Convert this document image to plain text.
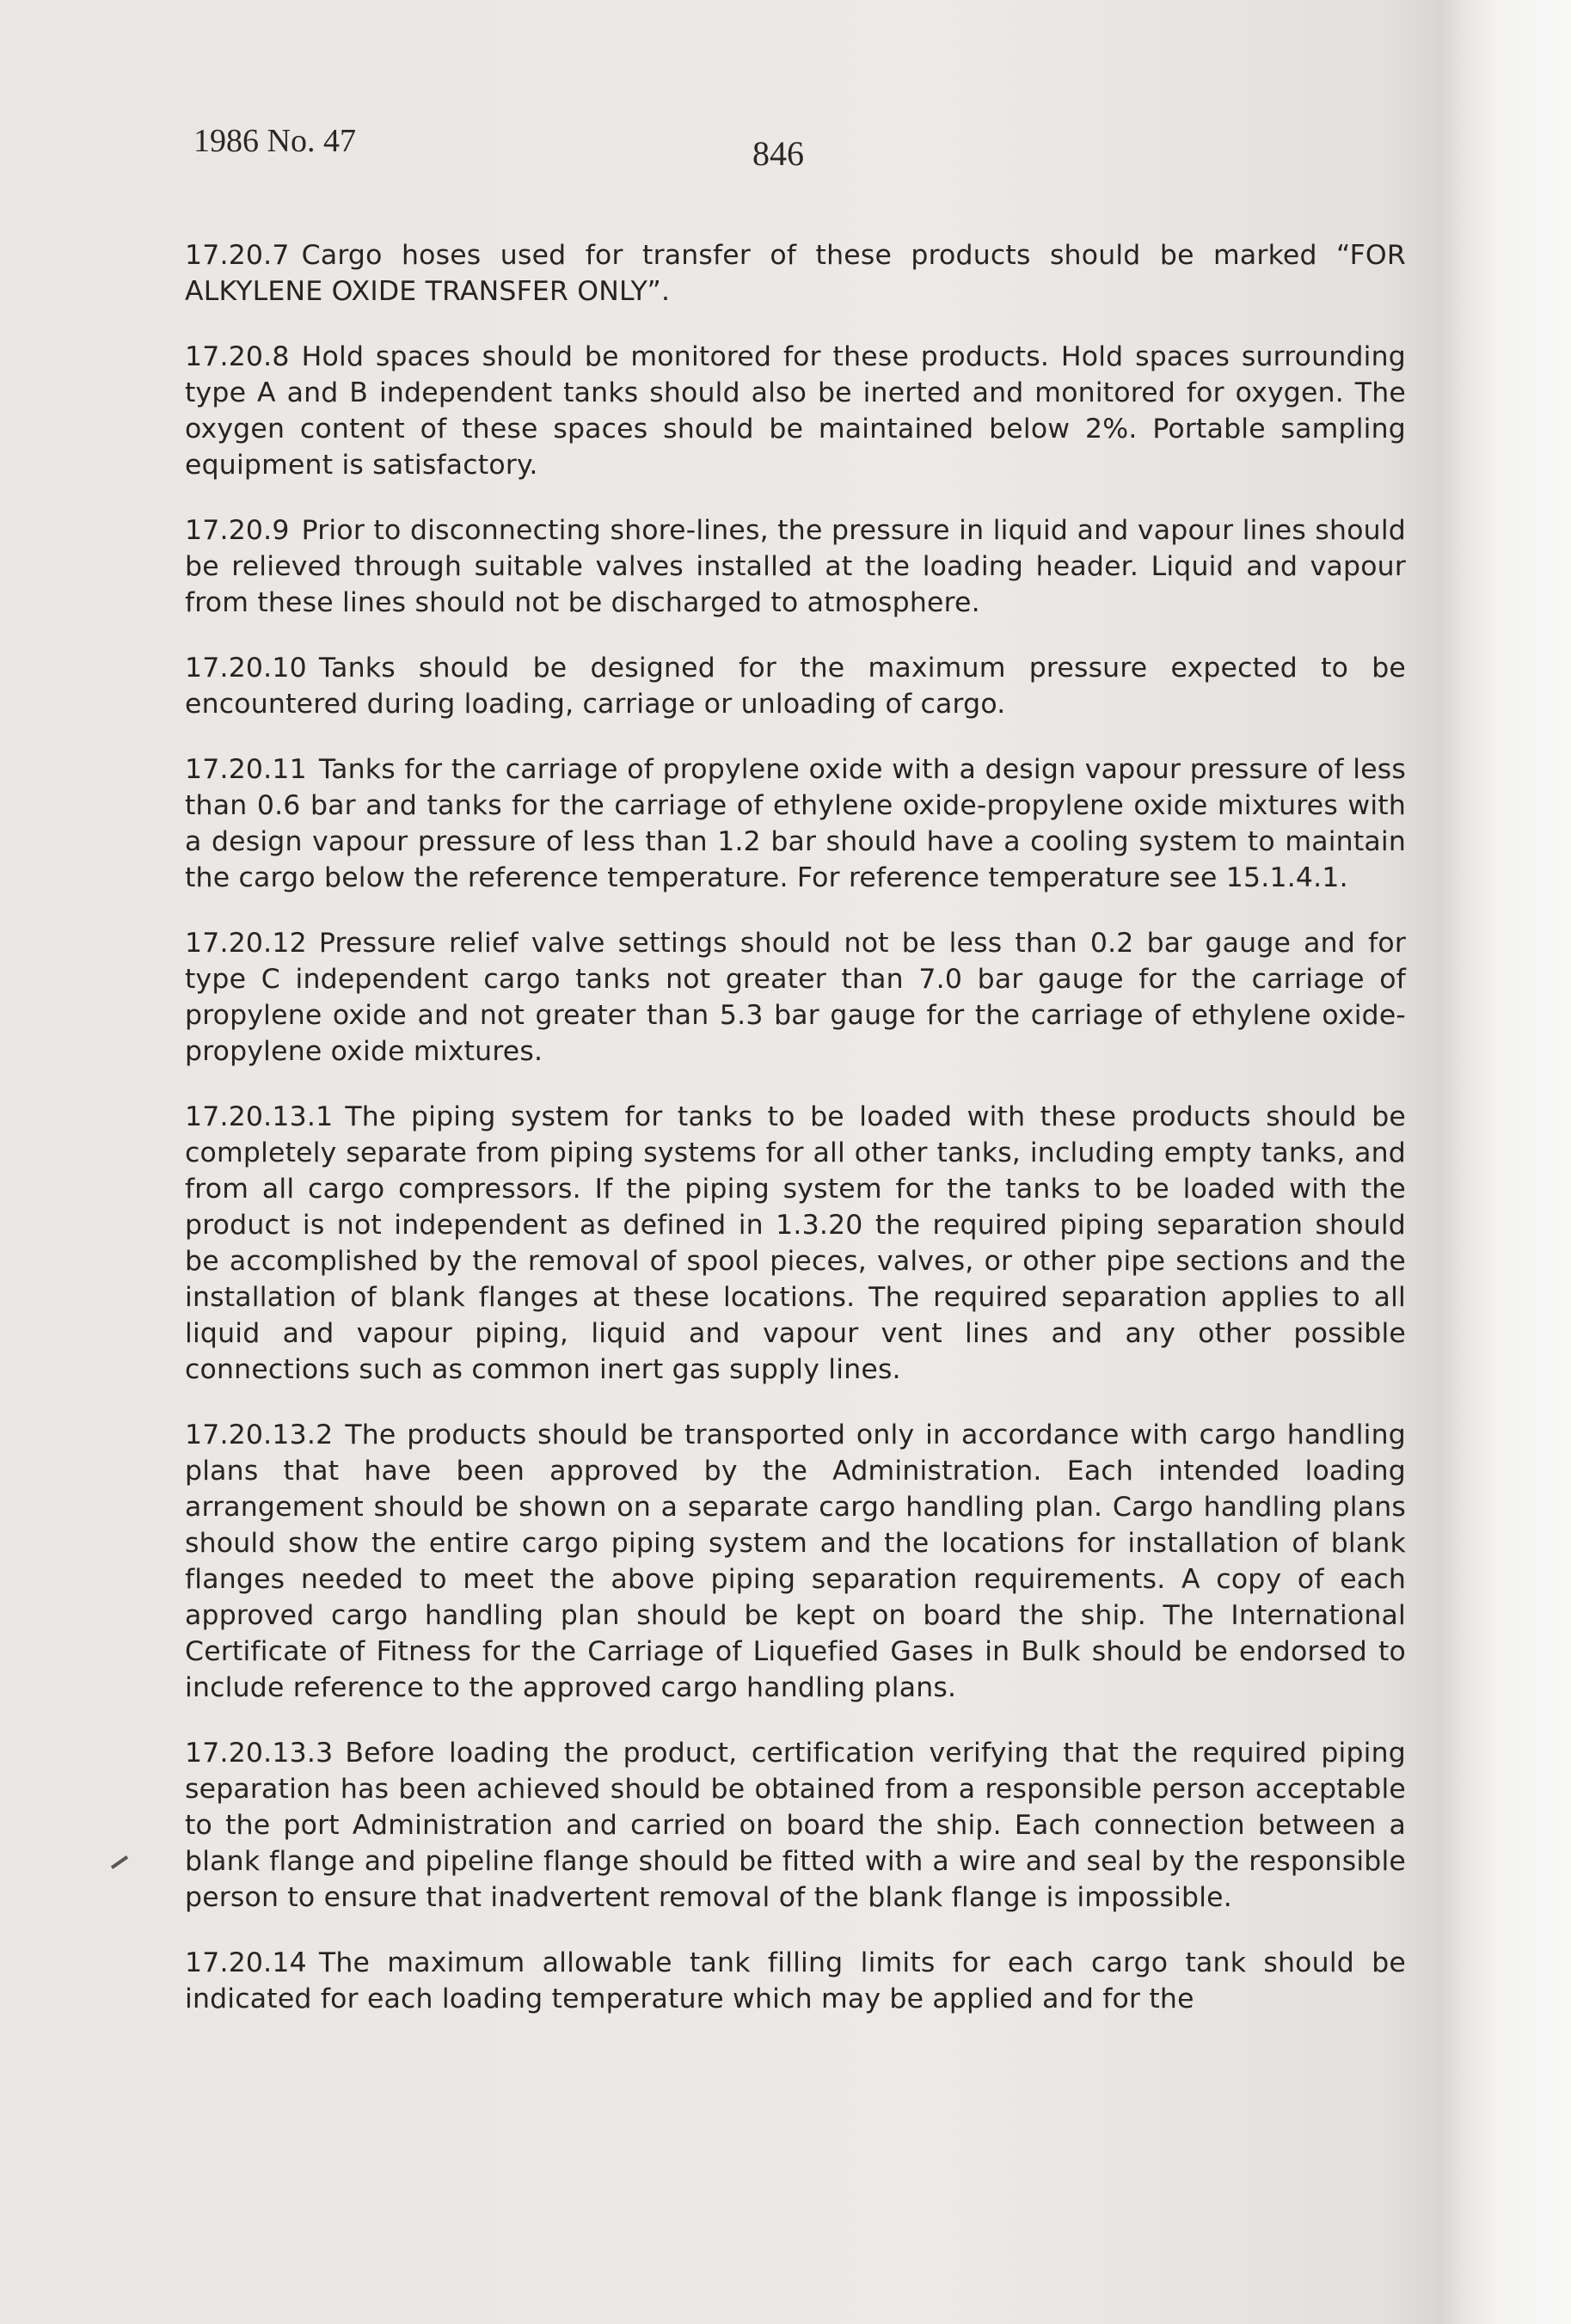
1986 No. 47	846

17.20.7 Cargo hoses used for transfer of these products should be marked “FOR ALKYLENE OXIDE TRANSFER ONLY”.

17.20.8 Hold spaces should be monitored for these products. Hold spaces surrounding type A and B independent tanks should also be inerted and monitored for oxygen. The oxygen content of these spaces should be maintained below 2%. Portable sampling equipment is satisfactory.

17.20.9 Prior to disconnecting shore-lines, the pressure in liquid and vapour lines should be relieved through suitable valves installed at the loading header. Liquid and vapour from these lines should not be discharged to atmosphere.

17.20.10 Tanks should be designed for the maximum pressure expected to be encountered during loading, carriage or unloading of cargo.

17.20.11 Tanks for the carriage of propylene oxide with a design vapour pressure of less than 0.6 bar and tanks for the carriage of ethylene oxide-propylene oxide mixtures with a design vapour pressure of less than 1.2 bar should have a cooling system to maintain the cargo below the reference temperature. For reference temperature see 15.1.4.1.

17.20.12 Pressure relief valve settings should not be less than 0.2 bar gauge and for type C independent cargo tanks not greater than 7.0 bar gauge for the carriage of propylene oxide and not greater than 5.3 bar gauge for the carriage of ethylene oxide-propylene oxide mixtures.

17.20.13.1 The piping system for tanks to be loaded with these products should be completely separate from piping systems for all other tanks, including empty tanks, and from all cargo compressors. If the piping system for the tanks to be loaded with the product is not independent as defined in 1.3.20 the required piping separation should be accomplished by the removal of spool pieces, valves, or other pipe sections and the installation of blank flanges at these locations. The required separation applies to all liquid and vapour piping, liquid and vapour vent lines and any other possible connections such as common inert gas supply lines.

17.20.13.2 The products should be transported only in accordance with cargo handling plans that have been approved by the Administration. Each intended loading arrangement should be shown on a separate cargo handling plan. Cargo handling plans should show the entire cargo piping system and the locations for installation of blank flanges needed to meet the above piping separation requirements. A copy of each approved cargo handling plan should be kept on board the ship. The International Certificate of Fitness for the Carriage of Liquefied Gases in Bulk should be endorsed to include reference to the approved cargo handling plans.

17.20.13.3 Before loading the product, certification verifying that the required piping separation has been achieved should be obtained from a responsible person acceptable to the port Administration and carried on board the ship. Each connection between a blank flange and pipeline flange should be fitted with a wire and seal by the responsible person to ensure that inadvertent removal of the blank flange is impossible.

17.20.14 The maximum allowable tank filling limits for each cargo tank should be indicated for each loading temperature which may be applied and for the
